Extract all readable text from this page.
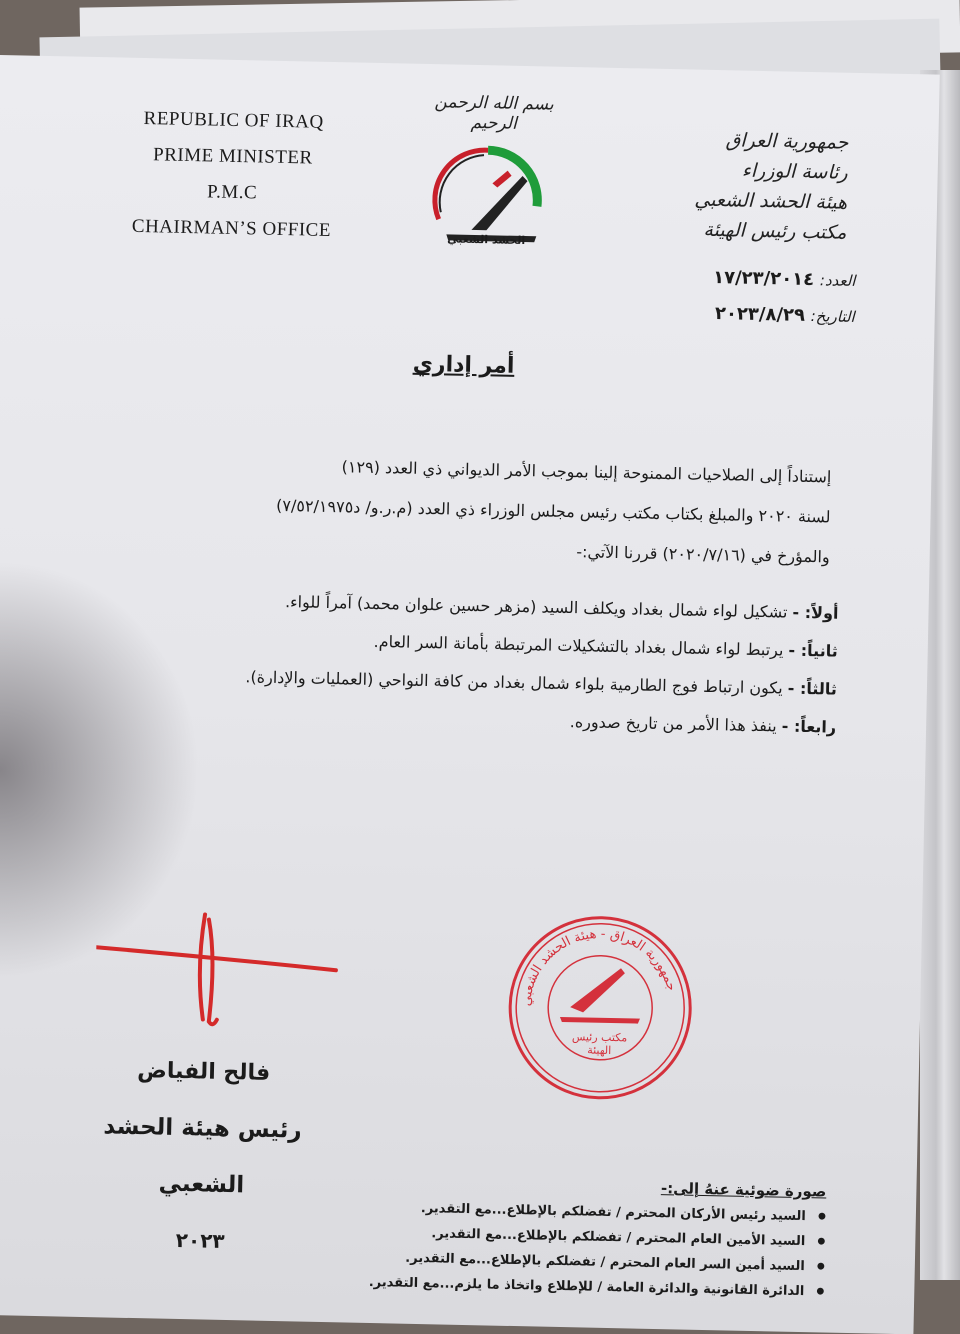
REPUBLIC OF IRAQ
PRIME MINISTER
P.M.C
CHAIRMAN’S OFFICE
بسم الله الرحمن الرحيم
الحشد الشعبي
جمهورية العراق
رئاسة الوزراء
هيئة الحشد الشعبي
مكتب رئيس الهيئة
العدد: ١٧/٢٣/٢٠١٤
التاريخ: ٢٠٢٣/٨/٢٩
أمر إداري
إستناداً إلى الصلاحيات الممنوحة إلينا بموجب الأمر الديواني ذي العدد (١٢٩)
لسنة ٢٠٢٠ والمبلغ بكتاب مكتب رئيس مجلس الوزراء ذي العدد (م.ر.و/ د٧/٥٢/١٩٧٥)
والمؤرخ في (٢٠٢٠/٧/١٦) قررنا الآتي:-
أولاً: - تشكيل لواء شمال بغداد ويكلف السيد (مزهر حسين علوان محمد) آمراً للواء.
ثانياً: - يرتبط لواء شمال بغداد بالتشكيلات المرتبطة بأمانة السر العام.
ثالثاً: - يكون ارتباط فوج الطارمية بلواء شمال بغداد من كافة النواحي (العمليات والإدارة).
رابعاً: - ينفذ هذا الأمر من تاريخ صدوره.
جمهورية العراق - هيئة الحشد الشعبي
مكتب رئيس الهيئة
فالح الفياض
رئيس هيئة الحشد الشعبي
٢٠٢٣
صورة ضوئية عنهُ إلى:-
● السيد رئيس الأركان المحترم / تفضلكم بالإطلاع...مع التقدير.
● السيد الأمين العام المحترم / تفضلكم بالإطلاع...مع التقدير.
● السيد أمين السر العام المحترم / تفضلكم بالإطلاع...مع التقدير.
● الدائرة القانونية والدائرة العامة / للإطلاع واتخاذ ما يلزم...مع التقدير.
